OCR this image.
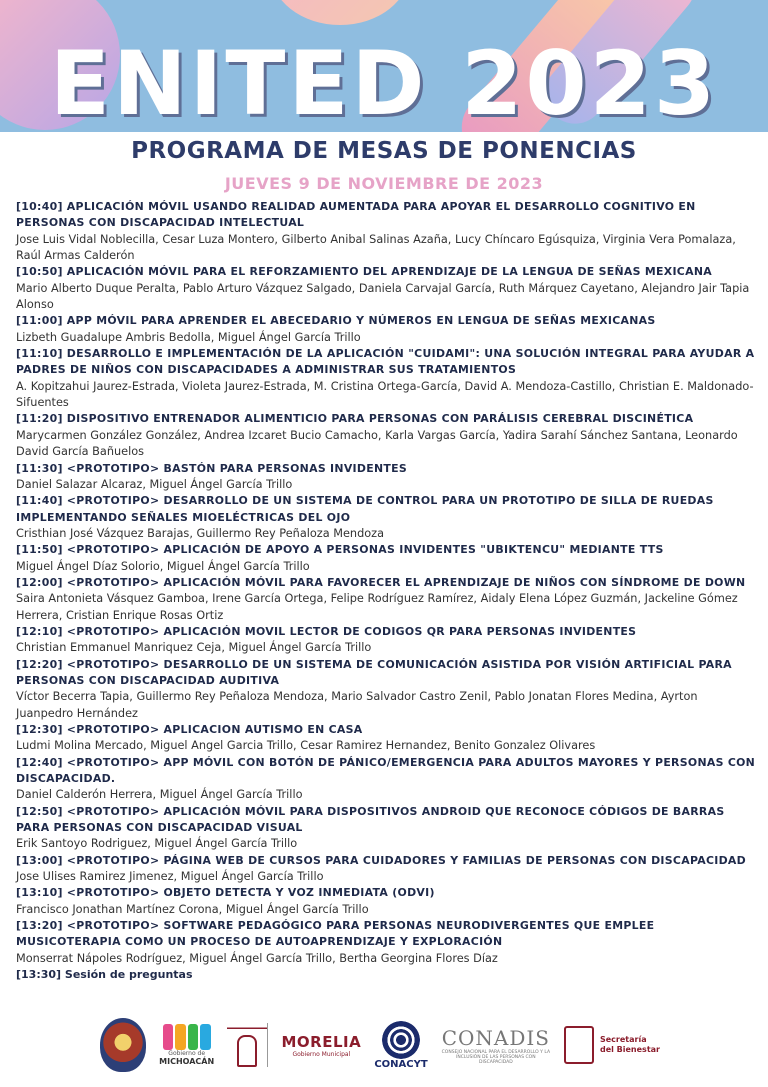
ENITED 2023
PROGRAMA DE MESAS DE PONENCIAS
JUEVES 9 DE NOVIEMBRE DE 2023
[10:40] APLICACIÓN MÓVIL USANDO REALIDAD AUMENTADA PARA APOYAR EL DESARROLLO COGNITIVO EN PERSONAS CON DISCAPACIDAD INTELECTUAL
Jose Luis Vidal Noblecilla, Cesar Luza Montero, Gilberto Anibal Salinas Azaña, Lucy Chíncaro Egúsquiza, Virginia Vera Pomalaza, Raúl Armas Calderón
[10:50] APLICACIÓN MÓVIL PARA EL REFORZAMIENTO DEL APRENDIZAJE DE LA LENGUA DE SEÑAS MEXICANA
Mario Alberto Duque Peralta, Pablo Arturo Vázquez Salgado, Daniela Carvajal García, Ruth Márquez Cayetano, Alejandro Jair Tapia Alonso
[11:00] APP MÓVIL PARA APRENDER EL ABECEDARIO Y NÚMEROS EN LENGUA DE SEÑAS MEXICANAS
Lizbeth Guadalupe Ambris Bedolla, Miguel Ángel García Trillo
[11:10] DESARROLLO E IMPLEMENTACIÓN DE LA APLICACIÓN "CUIDAMI": UNA SOLUCIÓN INTEGRAL PARA AYUDAR A PADRES DE NIÑOS CON DISCAPACIDADES A ADMINISTRAR SUS TRATAMIENTOS
A. Kopitzahui Jaurez-Estrada, Violeta Jaurez-Estrada, M. Cristina Ortega-García, David A. Mendoza-Castillo, Christian E. Maldonado-Sifuentes
[11:20] DISPOSITIVO ENTRENADOR ALIMENTICIO PARA PERSONAS CON PARÁLISIS CEREBRAL DISCINÉTICA
Marycarmen González González, Andrea Izcaret Bucio Camacho, Karla Vargas García, Yadira Sarahí Sánchez Santana, Leonardo David García Bañuelos
[11:30] <PROTOTIPO> BASTÓN PARA PERSONAS INVIDENTES
Daniel Salazar Alcaraz, Miguel Ángel García Trillo
[11:40] <PROTOTIPO> DESARROLLO DE UN SISTEMA DE CONTROL PARA UN PROTOTIPO DE SILLA DE RUEDAS IMPLEMENTANDO SEÑALES MIOELÉCTRICAS DEL OJO
Cristhian José Vázquez Barajas, Guillermo Rey Peñaloza Mendoza
[11:50] <PROTOTIPO> APLICACIÓN DE APOYO A PERSONAS INVIDENTES "UBIKTENCU" MEDIANTE TTS
Miguel Ángel Díaz Solorio, Miguel Ángel García Trillo
[12:00] <PROTOTIPO> APLICACIÓN MÓVIL PARA FAVORECER EL APRENDIZAJE DE NIÑOS CON SÍNDROME DE DOWN
Saira Antonieta Vásquez Gamboa, Irene García Ortega, Felipe Rodríguez Ramírez, Aidaly Elena López Guzmán, Jackeline Gómez Herrera, Cristian Enrique Rosas Ortiz
[12:10] <PROTOTIPO> APLICACIÓN MOVIL LECTOR DE CODIGOS QR PARA PERSONAS INVIDENTES
Christian Emmanuel Manriquez Ceja, Miguel Ángel García Trillo
[12:20] <PROTOTIPO> DESARROLLO DE UN SISTEMA DE COMUNICACIÓN ASISTIDA POR VISIÓN ARTIFICIAL PARA PERSONAS CON DISCAPACIDAD AUDITIVA
Víctor Becerra Tapia, Guillermo Rey Peñaloza Mendoza, Mario Salvador Castro Zenil, Pablo Jonatan Flores Medina, Ayrton Juanpedro Hernández
[12:30] <PROTOTIPO> APLICACION AUTISMO EN CASA
Ludmi Molina Mercado, Miguel Angel Garcia Trillo, Cesar Ramirez Hernandez, Benito Gonzalez Olivares
[12:40] <PROTOTIPO> APP MÓVIL CON BOTÓN DE PÁNICO/EMERGENCIA PARA ADULTOS MAYORES Y PERSONAS CON DISCAPACIDAD.
Daniel Calderón Herrera, Miguel Ángel García Trillo
[12:50] <PROTOTIPO> APLICACIÓN MÓVIL PARA DISPOSITIVOS ANDROID QUE RECONOCE CÓDIGOS DE BARRAS PARA PERSONAS CON DISCAPACIDAD VISUAL
Erik Santoyo Rodriguez, Miguel Ángel García Trillo
[13:00] <PROTOTIPO> PÁGINA WEB DE CURSOS PARA CUIDADORES Y FAMILIAS DE PERSONAS CON DISCAPACIDAD
Jose Ulises Ramirez Jimenez, Miguel Ángel García Trillo
[13:10] <PROTOTIPO> OBJETO DETECTA Y VOZ INMEDIATA (ODVI)
Francisco Jonathan Martínez Corona, Miguel Ángel García Trillo
[13:20] <PROTOTIPO> SOFTWARE PEDAGÓGICO PARA PERSONAS NEURODIVERGENTES QUE EMPLEE MUSICOTERAPIA COMO UN PROCESO DE AUTOAPRENDIZAJE Y EXPLORACIÓN
Monserrat Nápoles Rodríguez, Miguel Ángel García Trillo, Bertha Georgina Flores Díaz
[13:30] Sesión de preguntas
Gobierno de
MICHOACÁN
MORELIA
Gobierno Municipal
CONACYT
CONADIS
CONSEJO NACIONAL PARA EL DESARROLLO Y LA INCLUSIÓN DE LAS PERSONAS CON DISCAPACIDAD
Secretaría
del Bienestar
